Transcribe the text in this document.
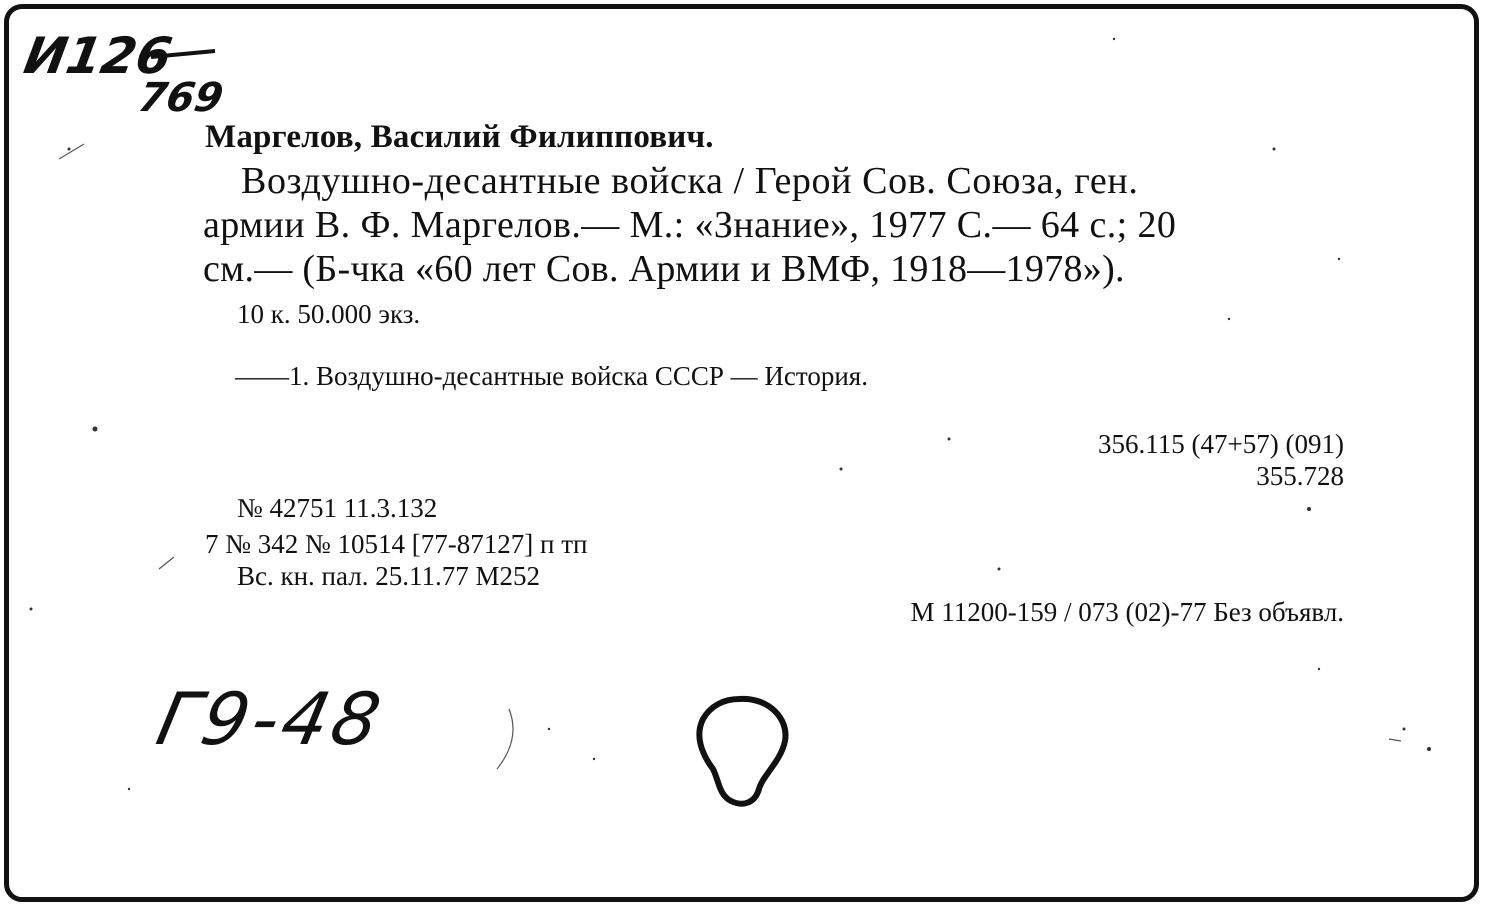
И126
769
Маргелов, Василий Филиппович.
Воздушно-десантные войска / Герой Сов. Союза, ген.
армии В. Ф. Маргелов.— М.: «Знание», 1977 С.— 64 с.; 20
см.— (Б-чка «60 лет Сов. Армии и ВМФ, 1918—1978»).
10 к. 50.000 экз.
——1. Воздушно-десантные войска СССР — История.
356.115 (47+57) (091)
355.728
№ 42751 11.3.132
7 № 342 № 10514 [77-87127] п тп
Вс. кн. пал. 25.11.77 М252
М 11200-159 / 073 (02)-77 Без объявл.
Г9-48
